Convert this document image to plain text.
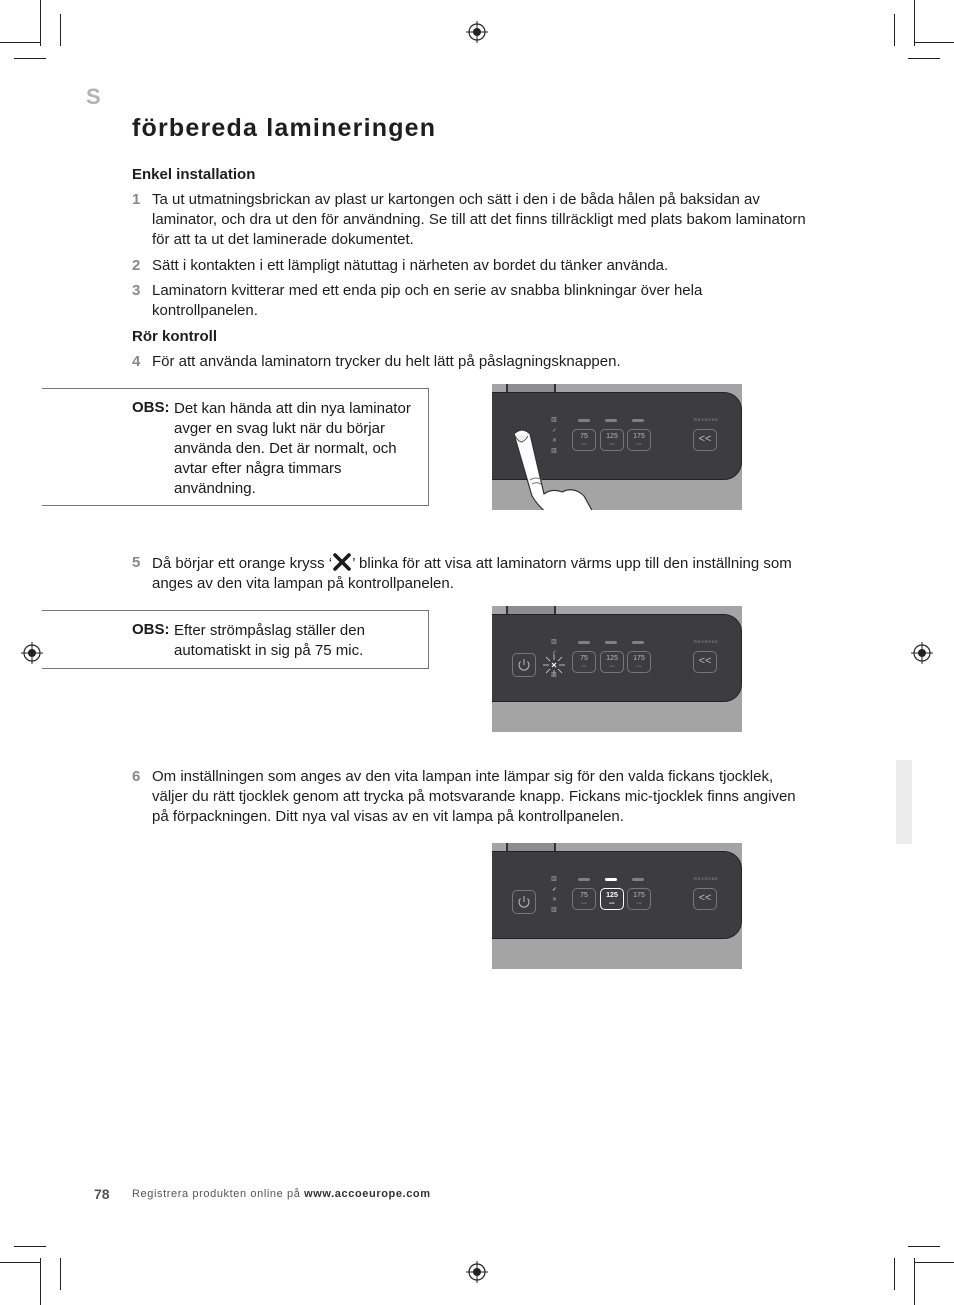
S
förbereda lamineringen
Enkel installation
1 Ta ut utmatningsbrickan av plast ur kartongen och sätt i den i de båda hålen på baksidan av laminator, och dra ut den för användning. Se till att det finns tillräckligt med plats bakom laminatorn för att ta ut det laminerade dokumentet.
2 Sätt i kontakten i ett lämpligt nätuttag i närheten av bordet du tänker använda.
3 Laminatorn kvitterar med ett enda pip och en serie av snabba blinkningar över hela kontrollpanelen.
Rör kontroll
4 För att använda laminatorn trycker du helt lätt på påslagningsknappen.
OBS: Det kan hända att din nya laminator avger en svag lukt när du börjar använda den. Det är normalt, och avtar efter några timmars användning.
▥
✓
✕
▥
75
mic
125
mic
175
mic
REVERSE
<<
5 Då börjar ett orange kryss ‘ ’ blinka för att visa att laminatorn värms upp till den inställning som anges av den vita lampan på kontrollpanelen.
OBS: Efter strömpåslag ställer den automatiskt in sig på 75 mic.	▥
✓
▥
75
mic
125
mic
175
mic
REVERSE
<<
6 Om inställningen som anges av den vita lampan inte lämpar sig för den valda fickans tjocklek, väljer du rätt tjocklek genom att trycka på motsvarande knapp. Fickans mic-tjocklek finns angiven på förpackningen. Ditt nya val visas av en vit lampa på kontrollpanelen.
▥
✓
✕
▥
75
mic
125
mic
175
mic
REVERSE
<<
78 Registrera produkten online på www.accoeurope.com
